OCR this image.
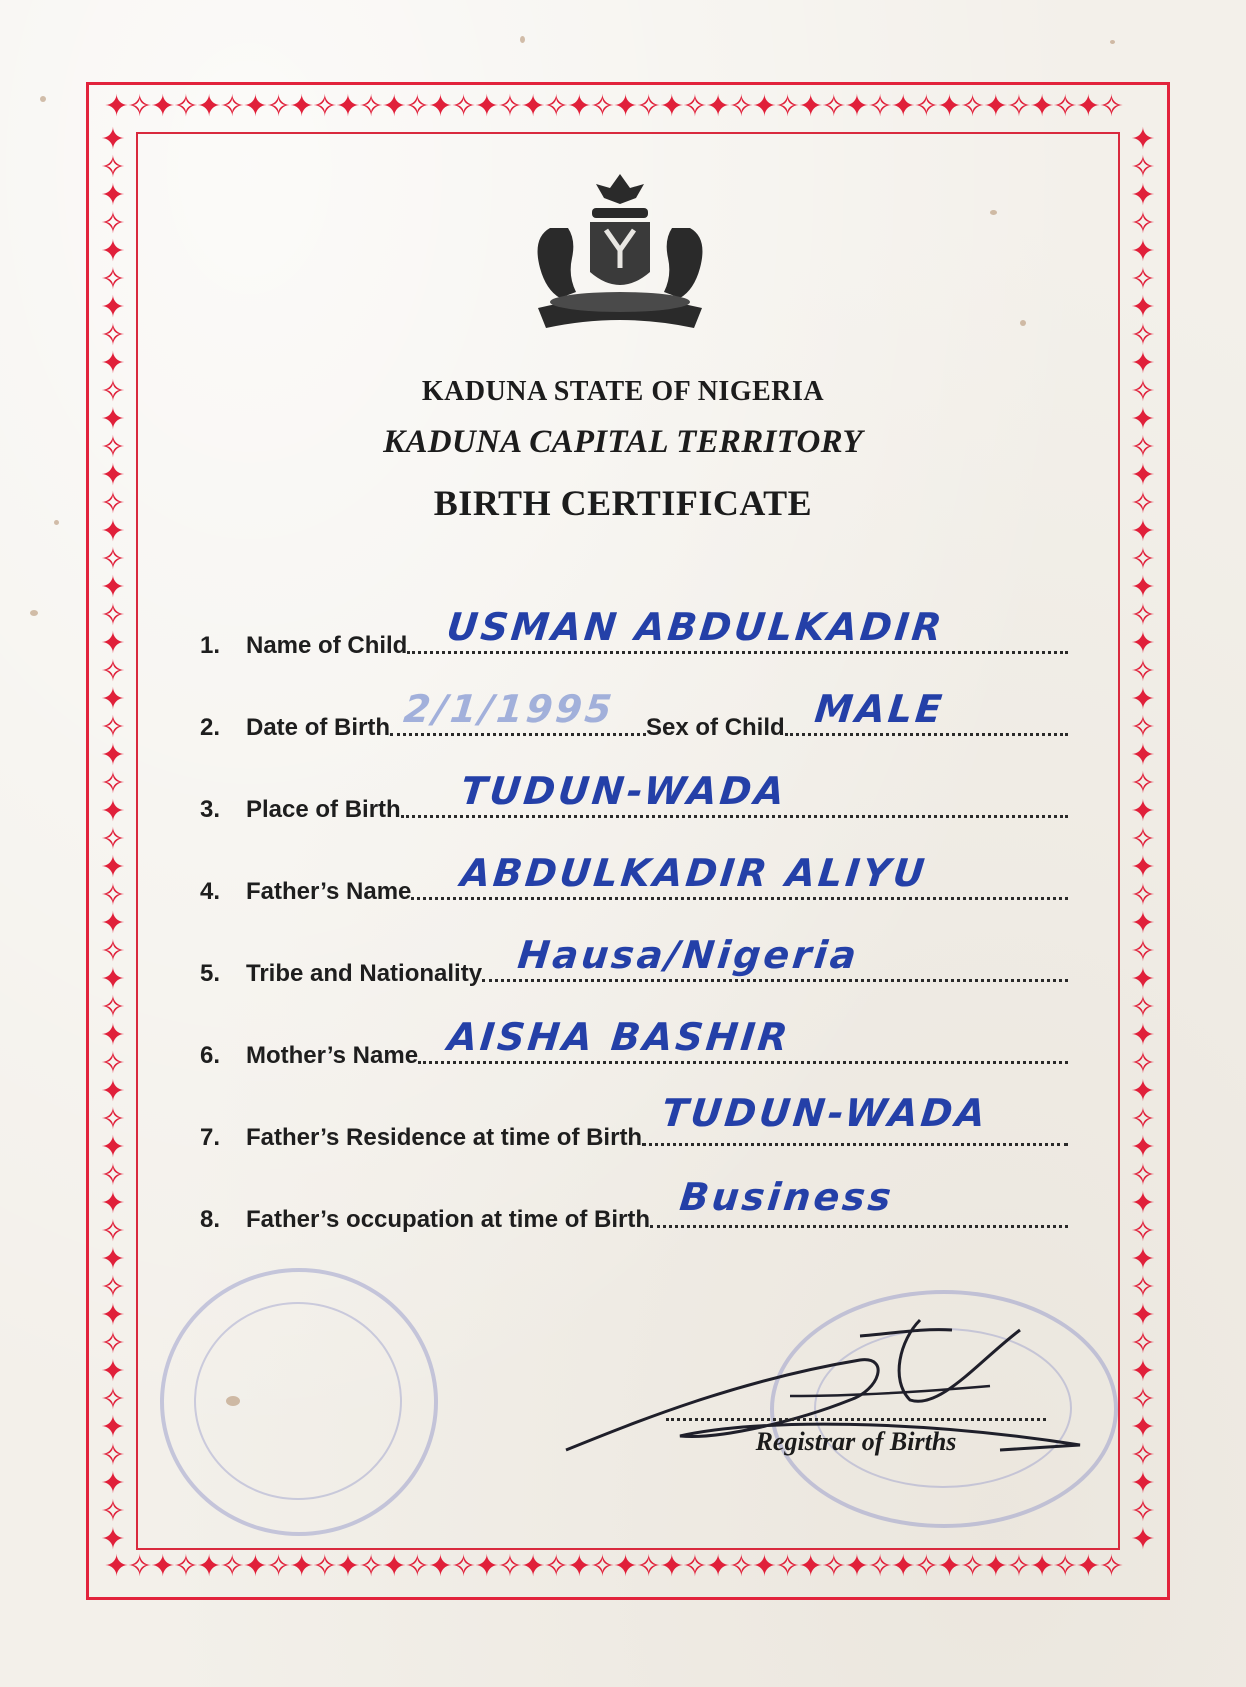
✦✧✦✧✦✧✦✧✦✧✦✧✦✧✦✧✦✧✦✧✦✧✦✧✦✧✦✧✦✧✦✧✦✧✦✧✦✧✦✧✦✧✦✧
✦✧✦✧✦✧✦✧✦✧✦✧✦✧✦✧✦✧✦✧✦✧✦✧✦✧✦✧✦✧✦✧✦✧✦✧✦✧✦✧✦✧✦✧
✦✧✦✧✦✧✦✧✦✧✦✧✦✧✦✧✦✧✦✧✦✧✦✧✦✧✦✧✦✧✦✧✦✧✦✧✦✧✦✧✦✧✦✧✦✧✦✧✦✧✦
✦✧✦✧✦✧✦✧✦✧✦✧✦✧✦✧✦✧✦✧✦✧✦✧✦✧✦✧✦✧✦✧✦✧✦✧✦✧✦✧✦✧✦✧✦✧✦✧✦✧✦
KADUNA STATE OF NIGERIA
KADUNA CAPITAL TERRITORY
BIRTH CERTIFICATE
1.	Name of Child USMAN ABDULKADIR
2.	Date of Birth 2/1/1995 Sex of Child MALE
3.	Place of Birth TUDUN-WADA
4.	Father’s Name ABDULKADIR ALIYU
5.	Tribe and Nationality Hausa/Nigeria
6.	Mother’s Name AISHA BASHIR
7.	Father’s Residence at time of Birth
TUDUN-WADA
8.	Father’s occupation at time of Birth
Business
Registrar of Births
